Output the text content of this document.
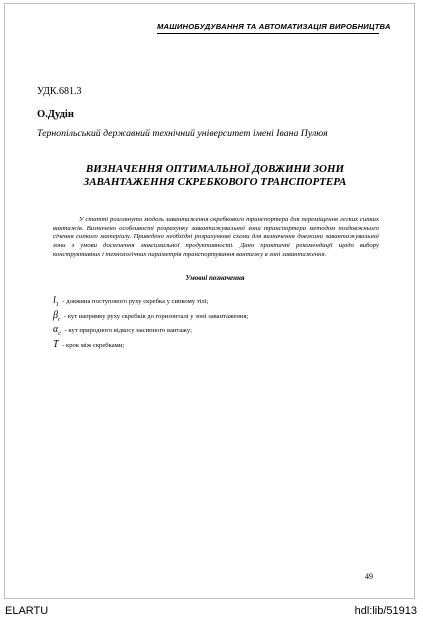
МАШИНОБУДУВАННЯ ТА АВТОМАТИЗАЦІЯ ВИРОБНИЦТВА
УДК.681.3
О.Дудін
Тернопільський державний технічний університет імені Івана Пулюя
ВИЗНАЧЕННЯ ОПТИМАЛЬНОЇ ДОВЖИНИ ЗОНИ
ЗАВАНТАЖЕННЯ СКРЕБКОВОГО ТРАНСПОРТЕРА
У статті розглянуто модель завантаження скребкового транспортера для переміщення легких сипких вантажів. Визначено особливості розрахунку завантажувальної зони транспортера методом поздовжнього січення сипкого матеріалу. Приведено необхідні розрахункові схеми для визначення довжини завантажувальної зони з умови досягнення максимальної продуктивності. Дано практичні рекомендації щодо вибору конструктивних і технологічних параметрів транспортування вантажу в зоні завантаження.
Умовні позначення
$l_1$ - довжина поступового руху скребка у сипкому тілі;
$\beta_r$ - кут напрямку руху скребків до горизонталі у зоні завантаження;
$\alpha_c$ - кут природного відкосу насипного вантажу;
T - крок між скребками;
49
ELARTU	hdl:lib/51913
